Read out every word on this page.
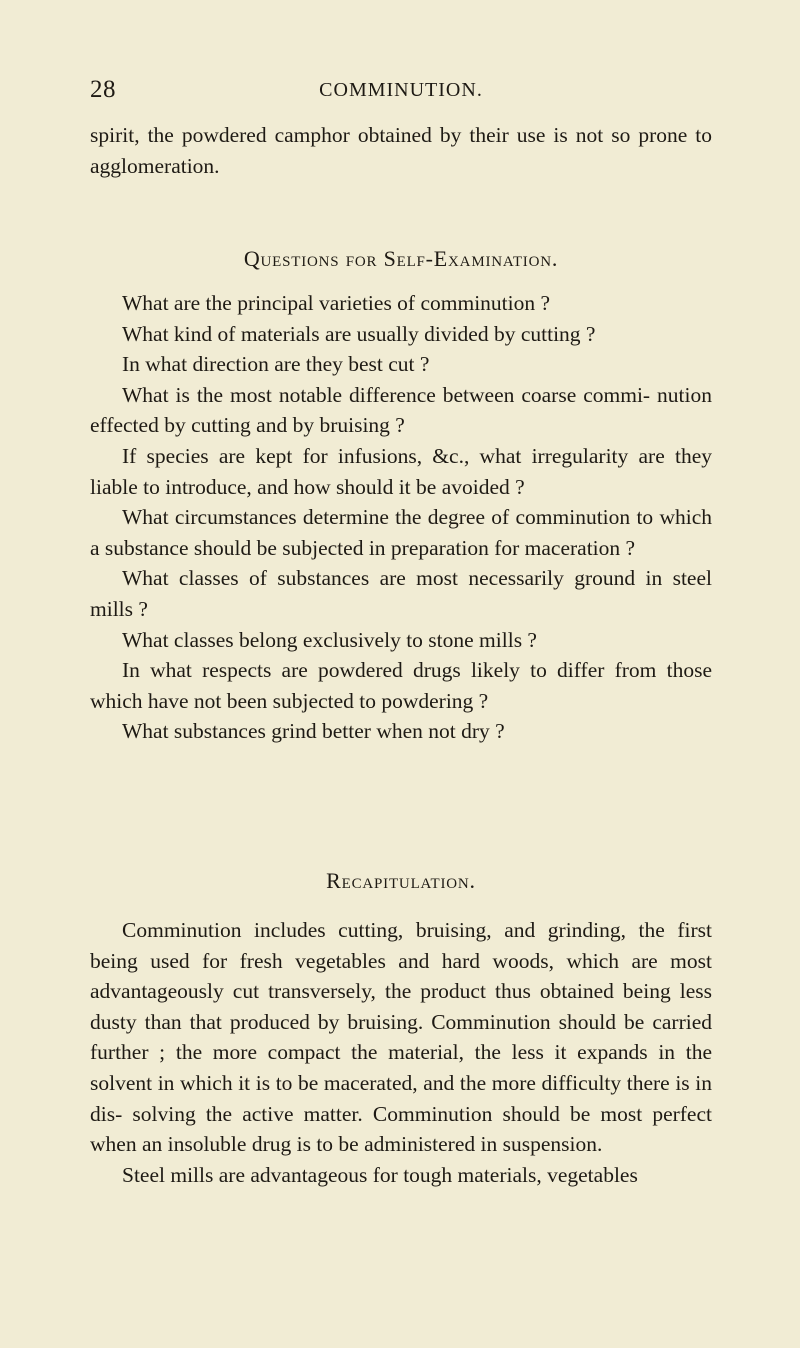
28	COMMINUTION.

spirit, the powdered camphor obtained by their use is not so prone to agglomeration.

Questions for Self-Examination.

What are the principal varieties of comminution ?

What kind of materials are usually divided by cutting ?

In what direction are they best cut ?

What is the most notable difference between coarse commi- nution effected by cutting and by bruising ?

If species are kept for infusions, &c., what irregularity are they liable to introduce, and how should it be avoided ?

What circumstances determine the degree of comminution to which a substance should be subjected in preparation for maceration ?

What classes of substances are most necessarily ground in steel mills ?

What classes belong exclusively to stone mills ?

In what respects are powdered drugs likely to differ from those which have not been subjected to powdering ?

What substances grind better when not dry ?

Recapitulation.

Comminution includes cutting, bruising, and grinding, the first being used for fresh vegetables and hard woods, which are most advantageously cut transversely, the product thus obtained being less dusty than that produced by bruising. Comminution should be carried further ; the more compact the material, the less it expands in the solvent in which it is to be macerated, and the more difficulty there is in dis- solving the active matter. Comminution should be most perfect when an insoluble drug is to be administered in suspension.

Steel mills are advantageous for tough materials, vegetables
